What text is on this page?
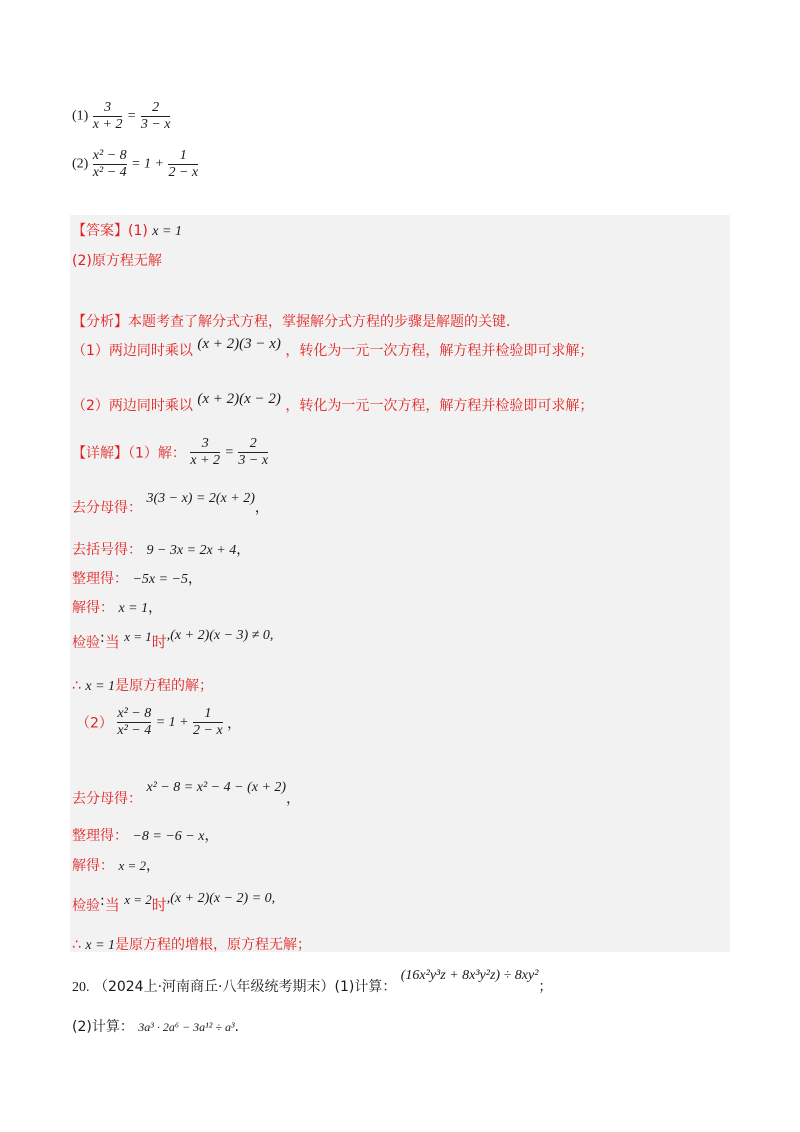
$(1) \frac{3}{x + 2} = \frac{2}{3 - x}$
$(2) \frac{\text{x² − 8}}{\text{x² − 4}} = 1 + \frac{1}{2 - x}$
【答案】(1) x = 1
(2)原方程无解
【分析】本题考查了解分式方程，掌握解分式方程的步骤是解题的关键．
（1）两边同时乘以 (x + 2)(3 − x) ，转化为一元一次方程，解方程并检验即可求解；
（2）两边同时乘以 (x + 2)(x − 2) ，转化为一元一次方程，解方程并检验即可求解；
【详解】（1）解： $\frac{3}{x + 2} = \frac{2}{3 - x}$
去分母得： 3(3 − x) = 2(x + 2)，
去括号得： 9 − 3x = 2x + 4，
整理得： −5x = −5，
解得： x = 1，
检验:当 x = 1时,(x + 2)(x − 3) ≠ 0,
∴ x = 1是原方程的解；
$(2) \frac{\text{x² − 8}}{\text{x² − 4}} = 1 + \frac{1}{2 - x}$ ，
去分母得： x² − 8 = x² − 4 − (x + 2)，
整理得： −8 = −6 − x，
解得： x = 2，
检验:当 x = 2时,(x + 2)(x − 2) = 0,
∴ x = 1是原方程的增根，原方程无解；
20. （2024上·河南商丘·八年级统考期末）(1)计算： (16x²y³z + 8x³y²z) ÷ 8xy²；
(2)计算： 3a³ · 2a⁶ − 3a¹² ÷ a³.
